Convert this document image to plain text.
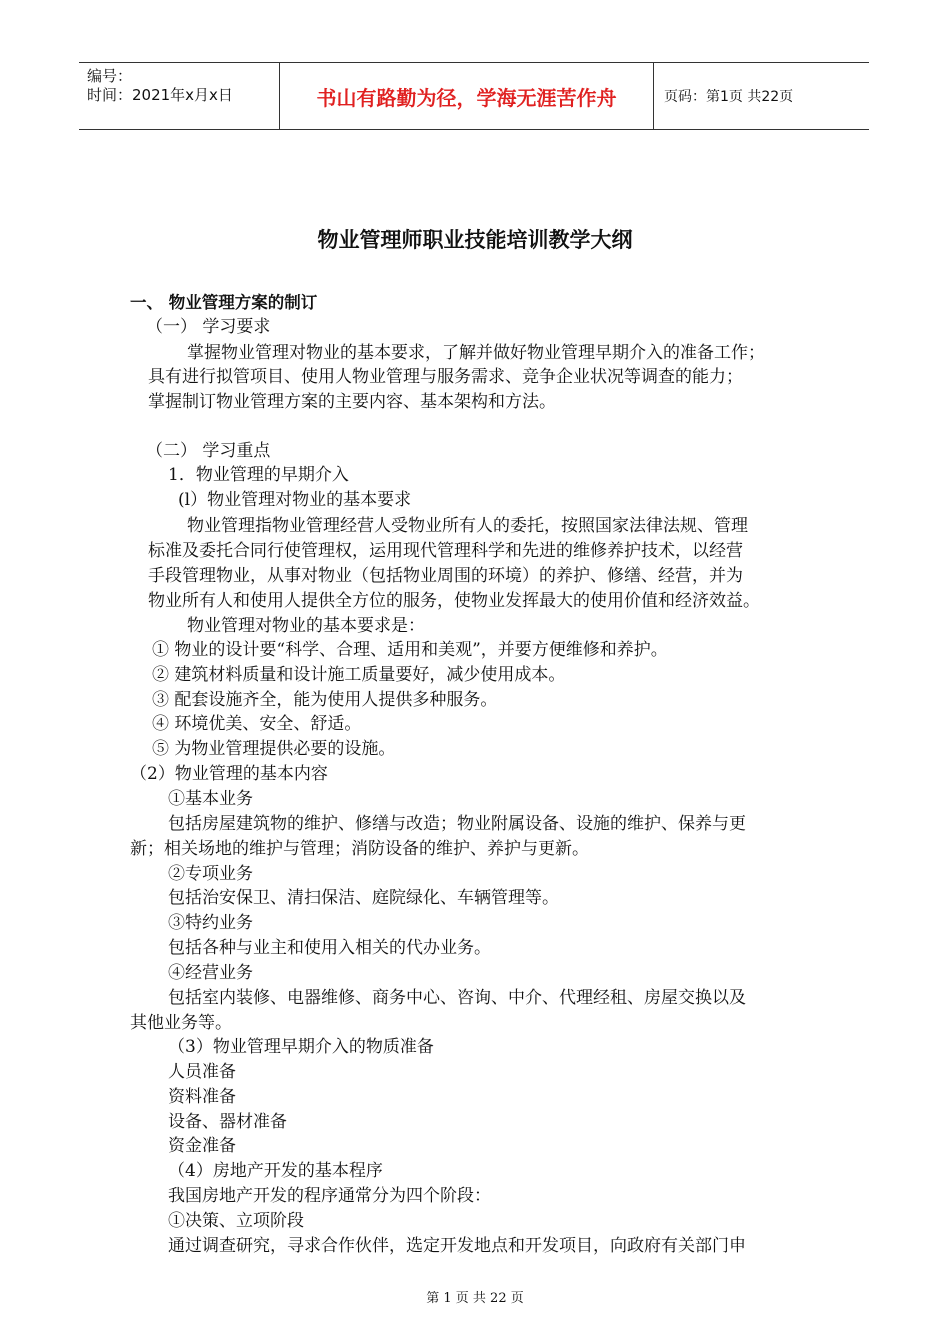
编号：
时间：2021年x月x日	书山有路勤为径，学海无涯苦作舟	页码：第1页 共22页
物业管理师职业技能培训教学大纲
一、 物业管理方案的制订
（一） 学习要求
掌握物业管理对物业的基本要求，了解并做好物业管理早期介入的准备工作；
具有进行拟管项目、使用人物业管理与服务需求、竞争企业状况等调查的能力；
掌握制订物业管理方案的主要内容、基本架构和方法。
（二） 学习重点
1．物业管理的早期介入
(l）物业管理对物业的基本要求
物业管理指物业管理经营人受物业所有人的委托，按照国家法律法规、管理
标准及委托合同行使管理权，运用现代管理科学和先进的维修养护技术，以经营
手段管理物业，从事对物业（包括物业周围的环境）的养护、修缮、经营，并为
物业所有人和使用人提供全方位的服务，使物业发挥最大的使用价值和经济效益。
物业管理对物业的基本要求是：
① 物业的设计要“科学、合理、适用和美观”，并要方便维修和养护。
② 建筑材料质量和设计施工质量要好，减少使用成本。
③ 配套设施齐全，能为使用人提供多种服务。
④ 环境优美、安全、舒适。
⑤ 为物业管理提供必要的设施。
（2）物业管理的基本内容
①基本业务
包括房屋建筑物的维护、修缮与改造；物业附属设备、设施的维护、保养与更
新；相关场地的维护与管理；消防设备的维护、养护与更新。
②专项业务
包括治安保卫、清扫保洁、庭院绿化、车辆管理等。
③特约业务
包括各种与业主和使用入相关的代办业务。
④经营业务
包括室内装修、电器维修、商务中心、咨询、中介、代理经租、房屋交换以及
其他业务等。
（3）物业管理早期介入的物质准备
人员准备
资料准备
设备、器材准备
资金准备
（4）房地产开发的基本程序
我国房地产开发的程序通常分为四个阶段：
①决策、立项阶段
通过调查研究，寻求合作伙伴，选定开发地点和开发项目，向政府有关部门申
第 1 页 共 22 页
